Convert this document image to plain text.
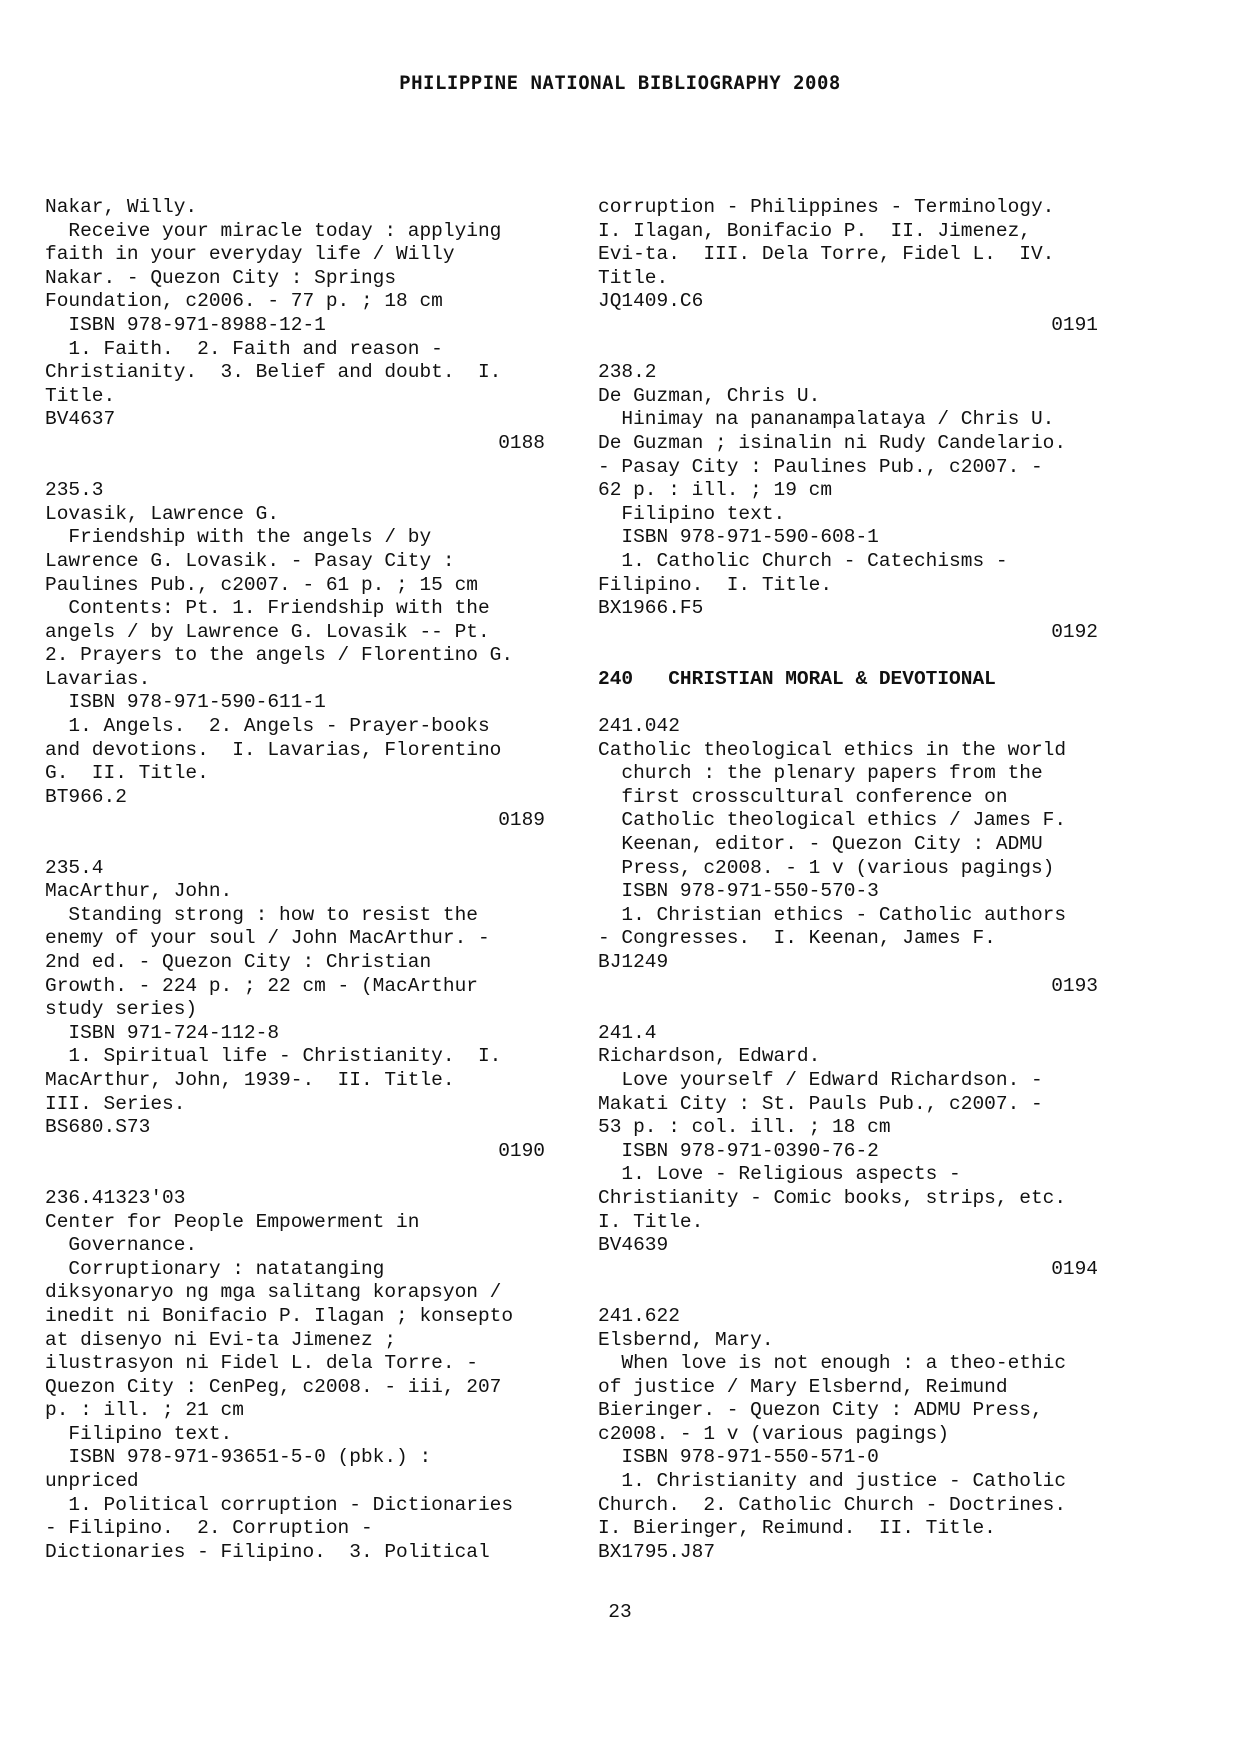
PHILIPPINE NATIONAL BIBLIOGRAPHY 2008
Nakar, Willy.
Receive your miracle today : applying
faith in your everyday life / Willy
Nakar. - Quezon City : Springs
Foundation, c2006. - 77 p. ; 18 cm
ISBN 978-971-8988-12-1
1. Faith.  2. Faith and reason -
Christianity.  3. Belief and doubt.  I.
Title.
BV4637
0188
235.3
Lovasik, Lawrence G.
Friendship with the angels / by
Lawrence G. Lovasik. - Pasay City :
Paulines Pub., c2007. - 61 p. ; 15 cm
Contents: Pt. 1. Friendship with the
angels / by Lawrence G. Lovasik -- Pt.
2. Prayers to the angels / Florentino G.
Lavarias.
ISBN 978-971-590-611-1
1. Angels.  2. Angels - Prayer-books
and devotions.  I. Lavarias, Florentino
G.  II. Title.
BT966.2
0189
235.4
MacArthur, John.
Standing strong : how to resist the
enemy of your soul / John MacArthur. -
2nd ed. - Quezon City : Christian
Growth. - 224 p. ; 22 cm - (MacArthur
study series)
ISBN 971-724-112-8
1. Spiritual life - Christianity.  I.
MacArthur, John, 1939-.  II. Title.
III. Series.
BS680.S73
0190
236.41323'03
Center for People Empowerment in
Governance.
Corruptionary : natatanging
diksyonaryo ng mga salitang korapsyon /
inedit ni Bonifacio P. Ilagan ; konsepto
at disenyo ni Evi-ta Jimenez ;
ilustrasyon ni Fidel L. dela Torre. -
Quezon City : CenPeg, c2008. - iii, 207
p. : ill. ; 21 cm
Filipino text.
ISBN 978-971-93651-5-0 (pbk.) :
unpriced
1. Political corruption - Dictionaries
- Filipino.  2. Corruption -
Dictionaries - Filipino.  3. Political
corruption - Philippines - Terminology.
I. Ilagan, Bonifacio P.  II. Jimenez,
Evi-ta.  III. Dela Torre, Fidel L.  IV.
Title.
JQ1409.C6
0191
238.2
De Guzman, Chris U.
Hinimay na pananampalataya / Chris U.
De Guzman ; isinalin ni Rudy Candelario.
- Pasay City : Paulines Pub., c2007. -
62 p. : ill. ; 19 cm
Filipino text.
ISBN 978-971-590-608-1
1. Catholic Church - Catechisms -
Filipino.  I. Title.
BX1966.F5
0192
240   CHRISTIAN MORAL & DEVOTIONAL
241.042
Catholic theological ethics in the world
church : the plenary papers from the
first crosscultural conference on
Catholic theological ethics / James F.
Keenan, editor. - Quezon City : ADMU
Press, c2008. - 1 v (various pagings)
ISBN 978-971-550-570-3
1. Christian ethics - Catholic authors
- Congresses.  I. Keenan, James F.
BJ1249
0193
241.4
Richardson, Edward.
Love yourself / Edward Richardson. -
Makati City : St. Pauls Pub., c2007. -
53 p. : col. ill. ; 18 cm
ISBN 978-971-0390-76-2
1. Love - Religious aspects -
Christianity - Comic books, strips, etc.
I. Title.
BV4639
0194
241.622
Elsbernd, Mary.
When love is not enough : a theo-ethic
of justice / Mary Elsbernd, Reimund
Bieringer. - Quezon City : ADMU Press,
c2008. - 1 v (various pagings)
ISBN 978-971-550-571-0
1. Christianity and justice - Catholic
Church.  2. Catholic Church - Doctrines.
I. Bieringer, Reimund.  II. Title.
BX1795.J87
23
